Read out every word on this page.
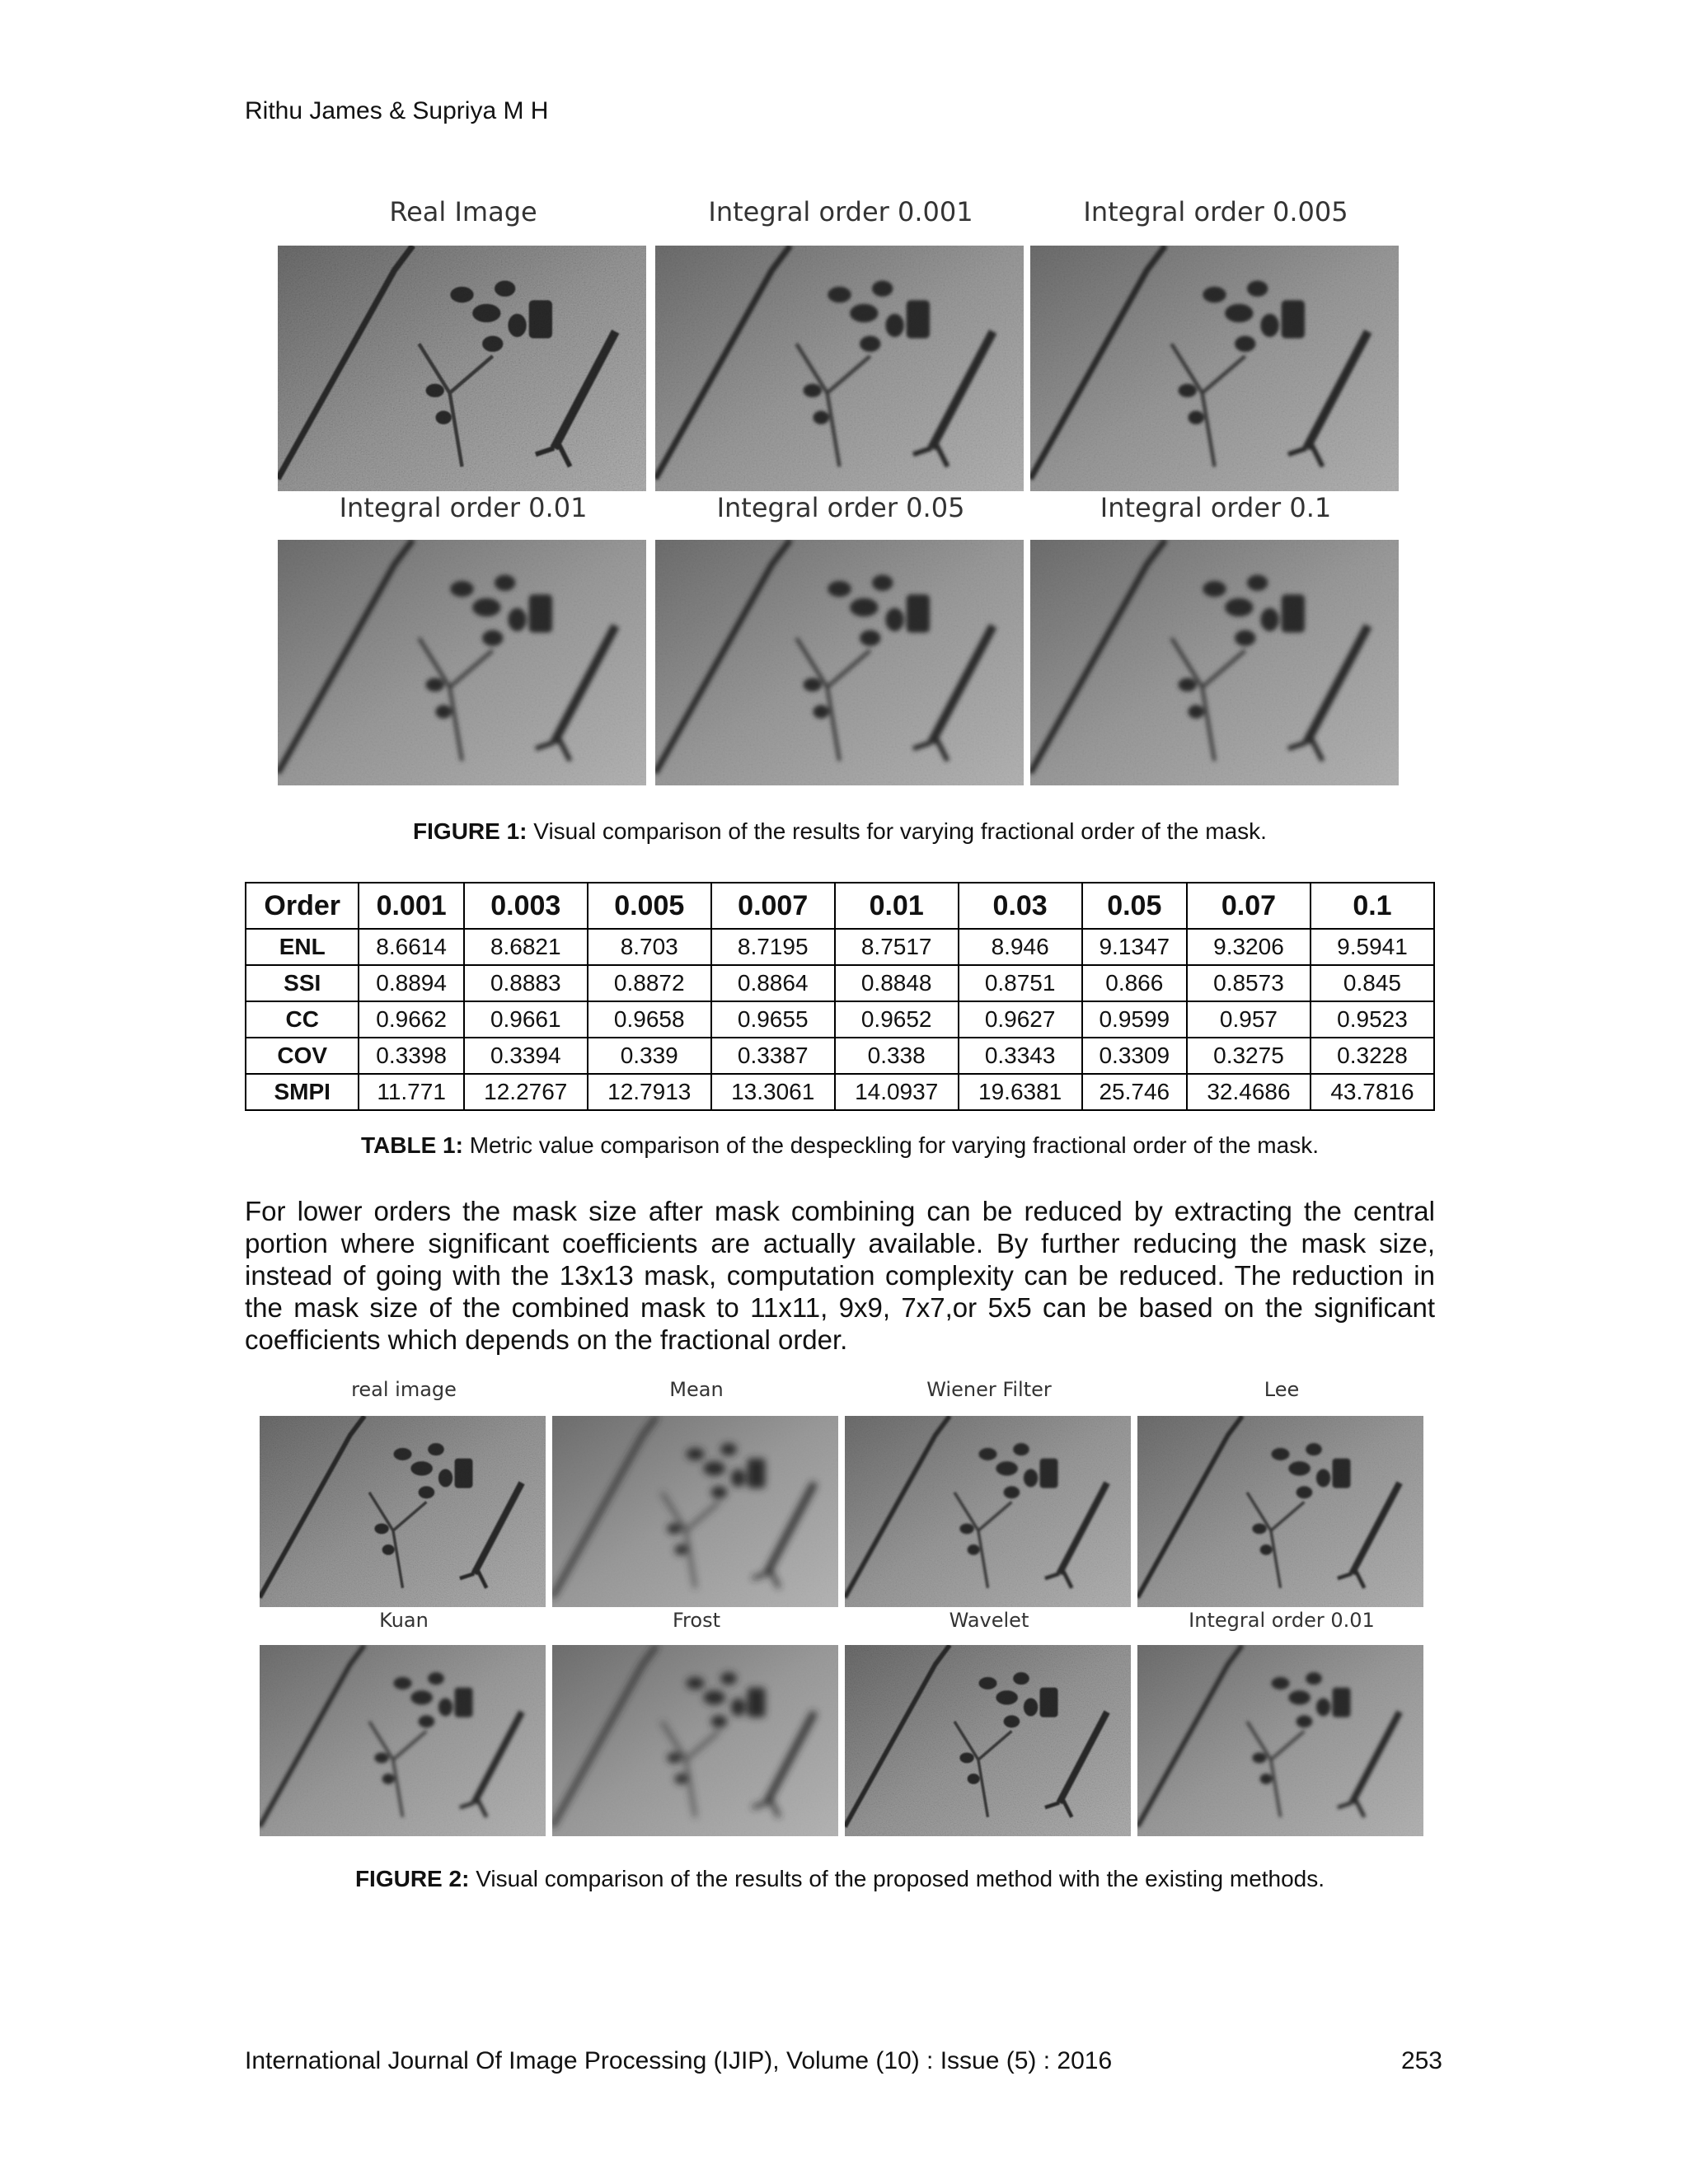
Rithu James & Supriya M H
Real Image	Integral order 0.001	Integral order 0.005
Integral order 0.01	Integral order 0.05	Integral order 0.1
FIGURE 1: Visual comparison of the results for varying fractional order of the mask.
Order	0.001	0.003	0.005	0.007	0.01	0.03	0.05	0.07	0.1
ENL	8.6614	8.6821	8.703	8.7195	8.7517	8.946	9.1347	9.3206	9.5941
SSI	0.8894	0.8883	0.8872	0.8864	0.8848	0.8751	0.866	0.8573	0.845
CC	0.9662	0.9661	0.9658	0.9655	0.9652	0.9627	0.9599	0.957	0.9523
COV	0.3398	0.3394	0.339	0.3387	0.338	0.3343	0.3309	0.3275	0.3228
SMPI	11.771	12.2767	12.7913	13.3061	14.0937	19.6381	25.746	32.4686	43.7816
TABLE 1: Metric value comparison of the despeckling for varying fractional order of the mask.
For lower orders the mask size after mask combining can be reduced by extracting the central portion where significant coefficients are actually available. By further reducing the mask size, instead of going with the 13x13 mask, computation complexity can be reduced. The reduction in the mask size of the combined mask to 11x11, 9x9, 7x7,or 5x5 can be based on the significant coefficients which depends on the fractional order.
real image	Mean	Wiener Filter	Lee
Kuan	Frost	Wavelet	Integral order 0.01
FIGURE 2: Visual comparison of the results of the proposed method with the existing methods.
International Journal Of Image Processing (IJIP), Volume (10) : Issue (5) : 2016	253
